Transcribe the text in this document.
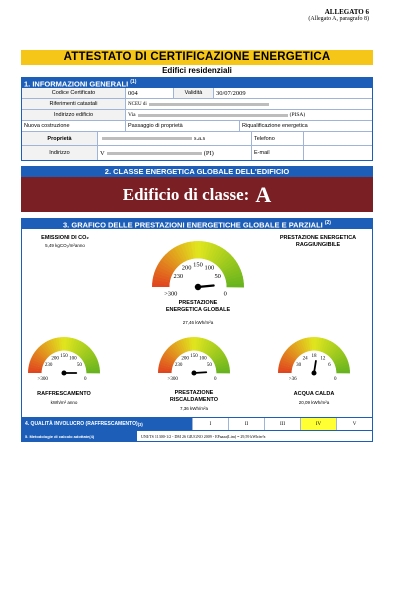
ALLEGATO 6
(Allegato A, paragrafo 8)
ATTESTATO DI CERTIFICAZIONE ENERGETICA
Edifici residenziali
1. INFORMAZIONI GENERALI $^{(1)}$
Codice Certificato	004	Validità	30/07/2009
Riferimenti catastali	NCEU di
Indirizzo edificio	Via	(PISA)
Nuova costruzione	Passaggio di proprietà	Riqualificazione energetica
Proprietà	s.a.s	Telefono
Indirizzo	V	(PI)	E-mail
2. CLASSE ENERGETICA GLOBALE DELL'EDIFICIO
Edificio di classe: A
3. GRAFICO DELLE PRESTAZIONI ENERGETICHE GLOBALE E PARZIALI $^{(2)}$
EMISSIONI DI CO₂
5,49 kgCO₂/m²anno
PRESTAZIONE ENERGETICA
RAGGIUNGIBILE
230
200 150 100
50
>300	0
PRESTAZIONE
ENERGETICA GLOBALE
27,46 kWh/m²a
230
200 150 100
50
>300	0
RAFFRESCAMENTO
kWh/m² anno
230
200 150 100
50
>300	0
PRESTAZIONE
RISCALDAMENTO
7,36 kWh/m²a
30
24 18 12
6
>36	0
ACQUA CALDA
20,09 kWh/m²a
4. QUALITÀ INVOLUCRO (RAFFRESCAMENTO) (3)	I	II	III	IV	V
5. Metodologie di calcolo adottate (4)	UNI/TS 11300-1/2 - DM 26 GIUGNO 2009 - EPaaaa(Lim) = 29,59 kWh/m²a
